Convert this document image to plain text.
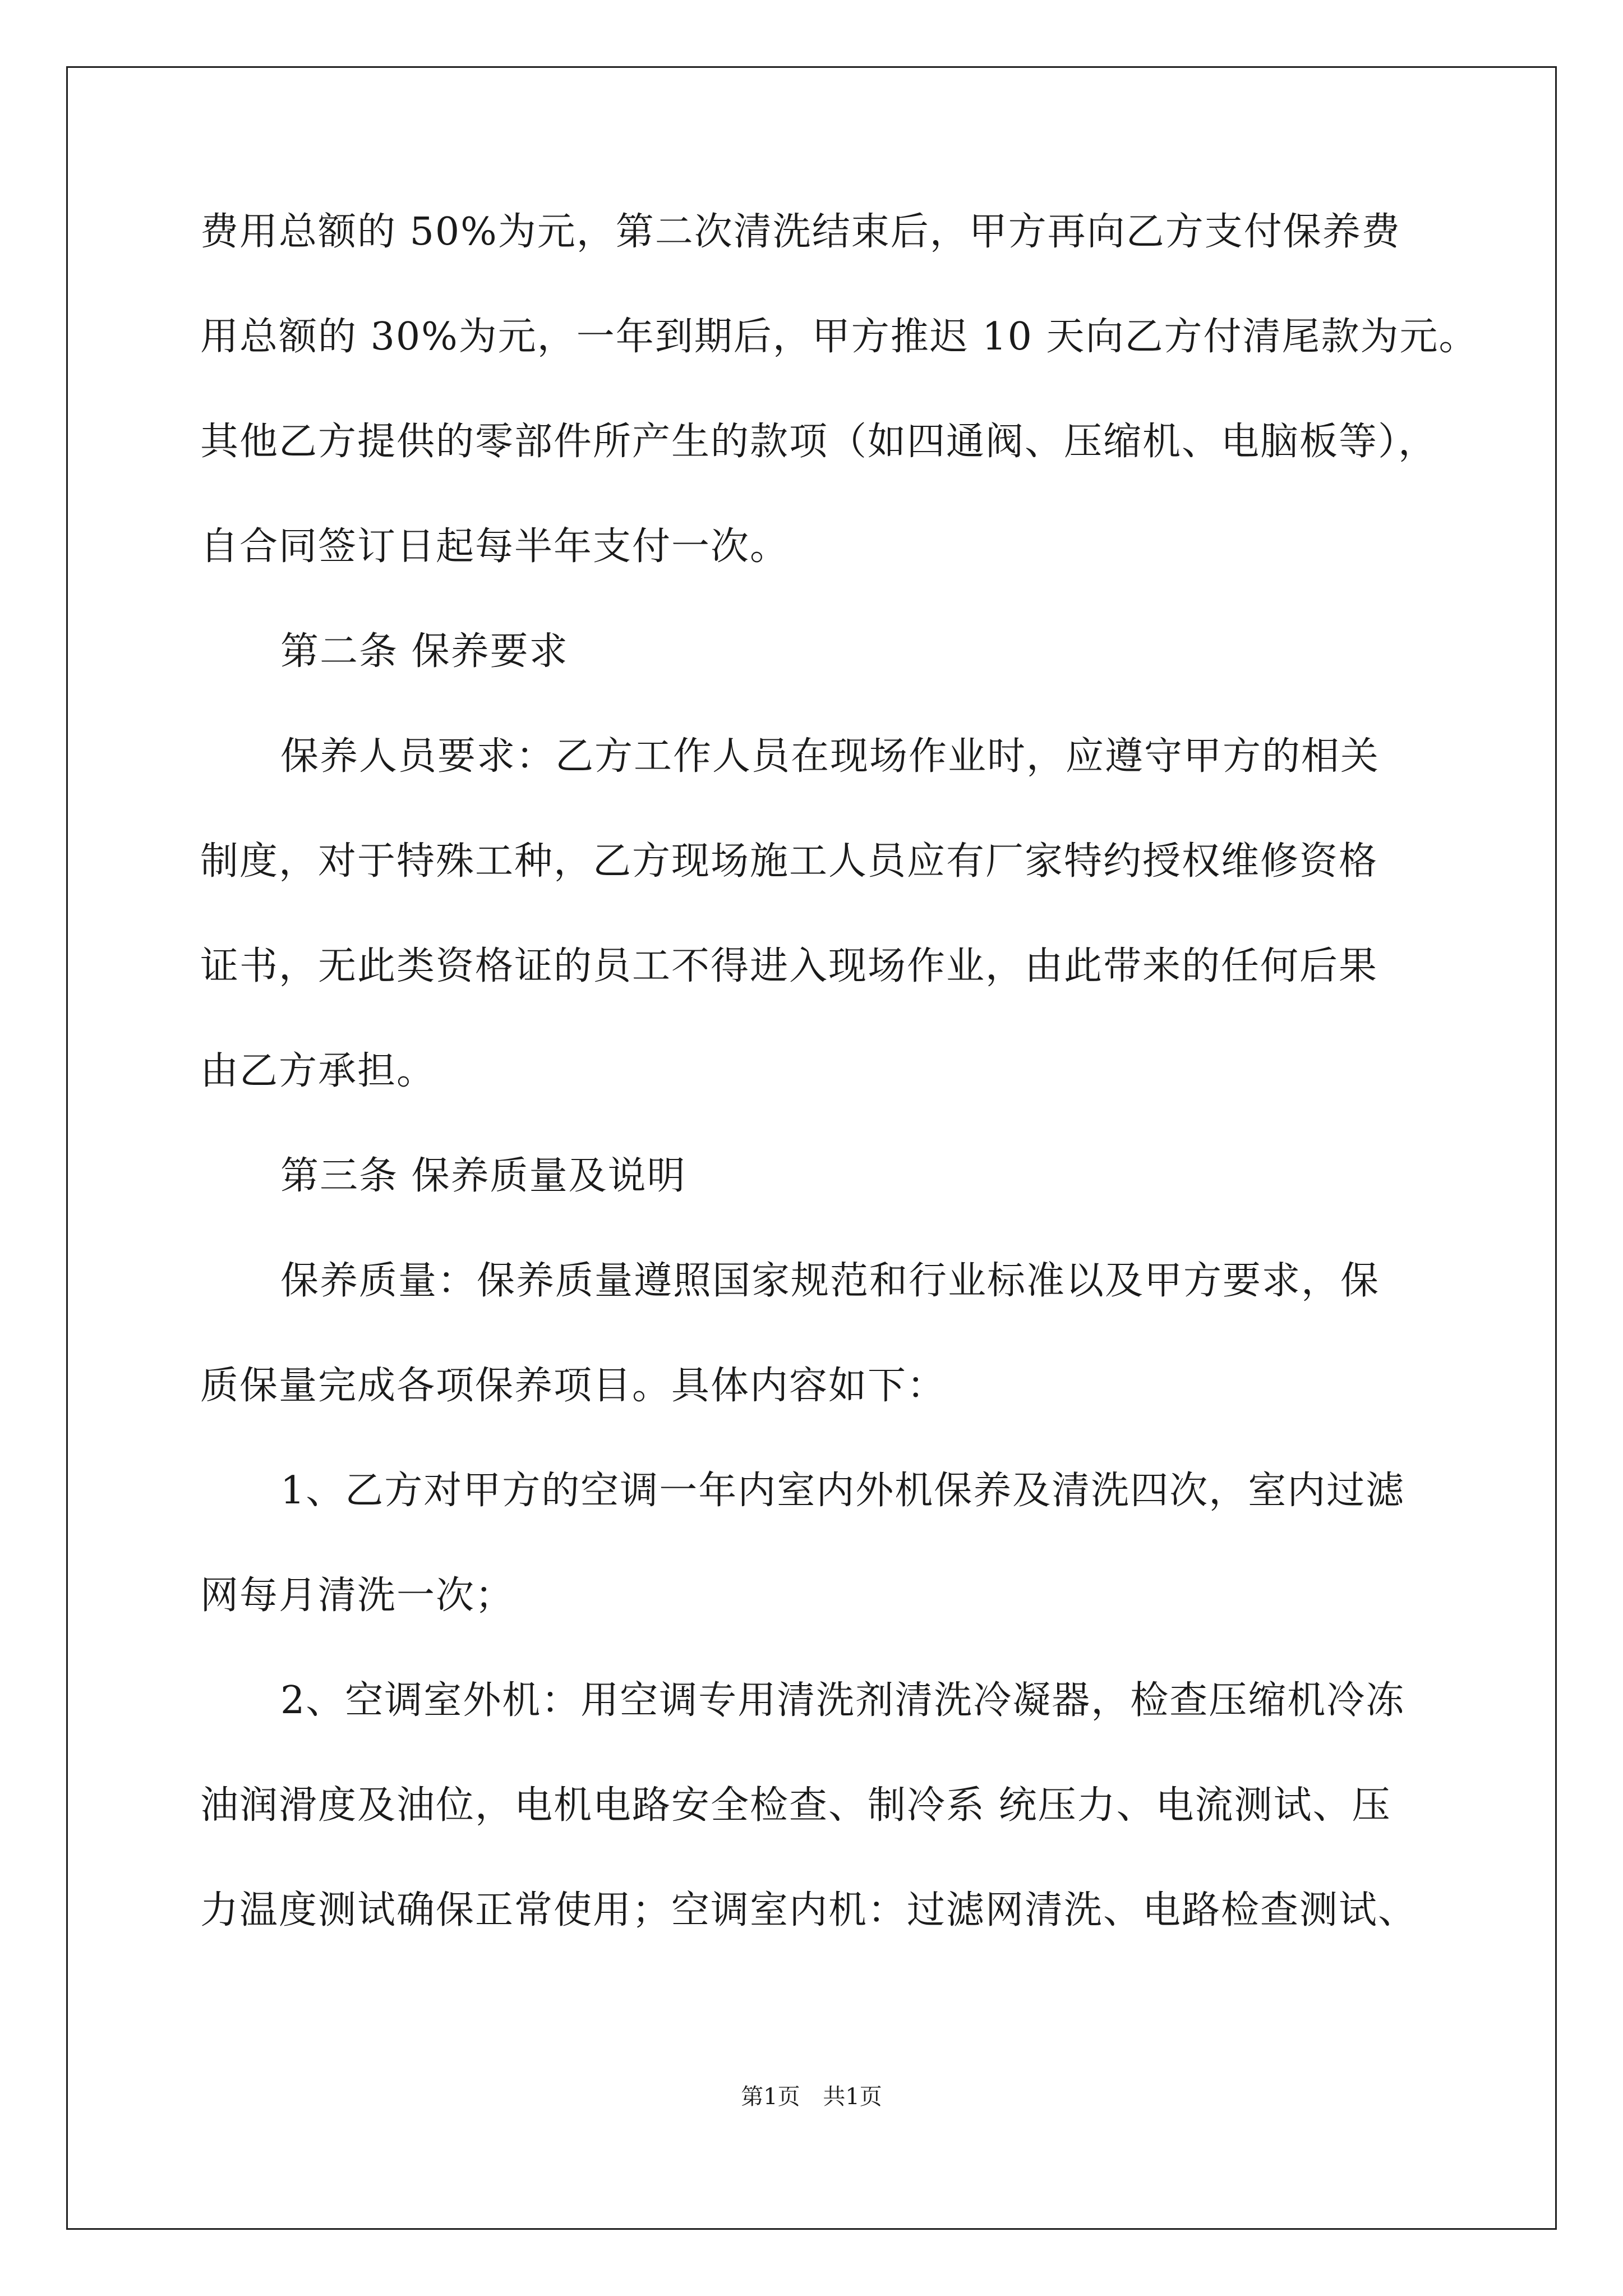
费用总额的 50%为元，第二次清洗结束后，甲方再向乙方支付保养费
用总额的 30%为元，一年到期后，甲方推迟 10 天向乙方付清尾款为元。
其他乙方提供的零部件所产生的款项（如四通阀、压缩机、电脑板等），
自合同签订日起每半年支付一次。
第二条 保养要求
保养人员要求：乙方工作人员在现场作业时，应遵守甲方的相关
制度，对于特殊工种，乙方现场施工人员应有厂家特约授权维修资格
证书，无此类资格证的员工不得进入现场作业，由此带来的任何后果
由乙方承担。
第三条 保养质量及说明
保养质量：保养质量遵照国家规范和行业标准以及甲方要求，保
质保量完成各项保养项目。具体内容如下：
1、乙方对甲方的空调一年内室内外机保养及清洗四次，室内过滤
网每月清洗一次；
2、空调室外机：用空调专用清洗剂清洗冷凝器，检查压缩机冷冻
油润滑度及油位，电机电路安全检查、制冷系 统压力、电流测试、压
力温度测试确保正常使用；空调室内机：过滤网清洗、电路检查测试、
第1页 共1页
